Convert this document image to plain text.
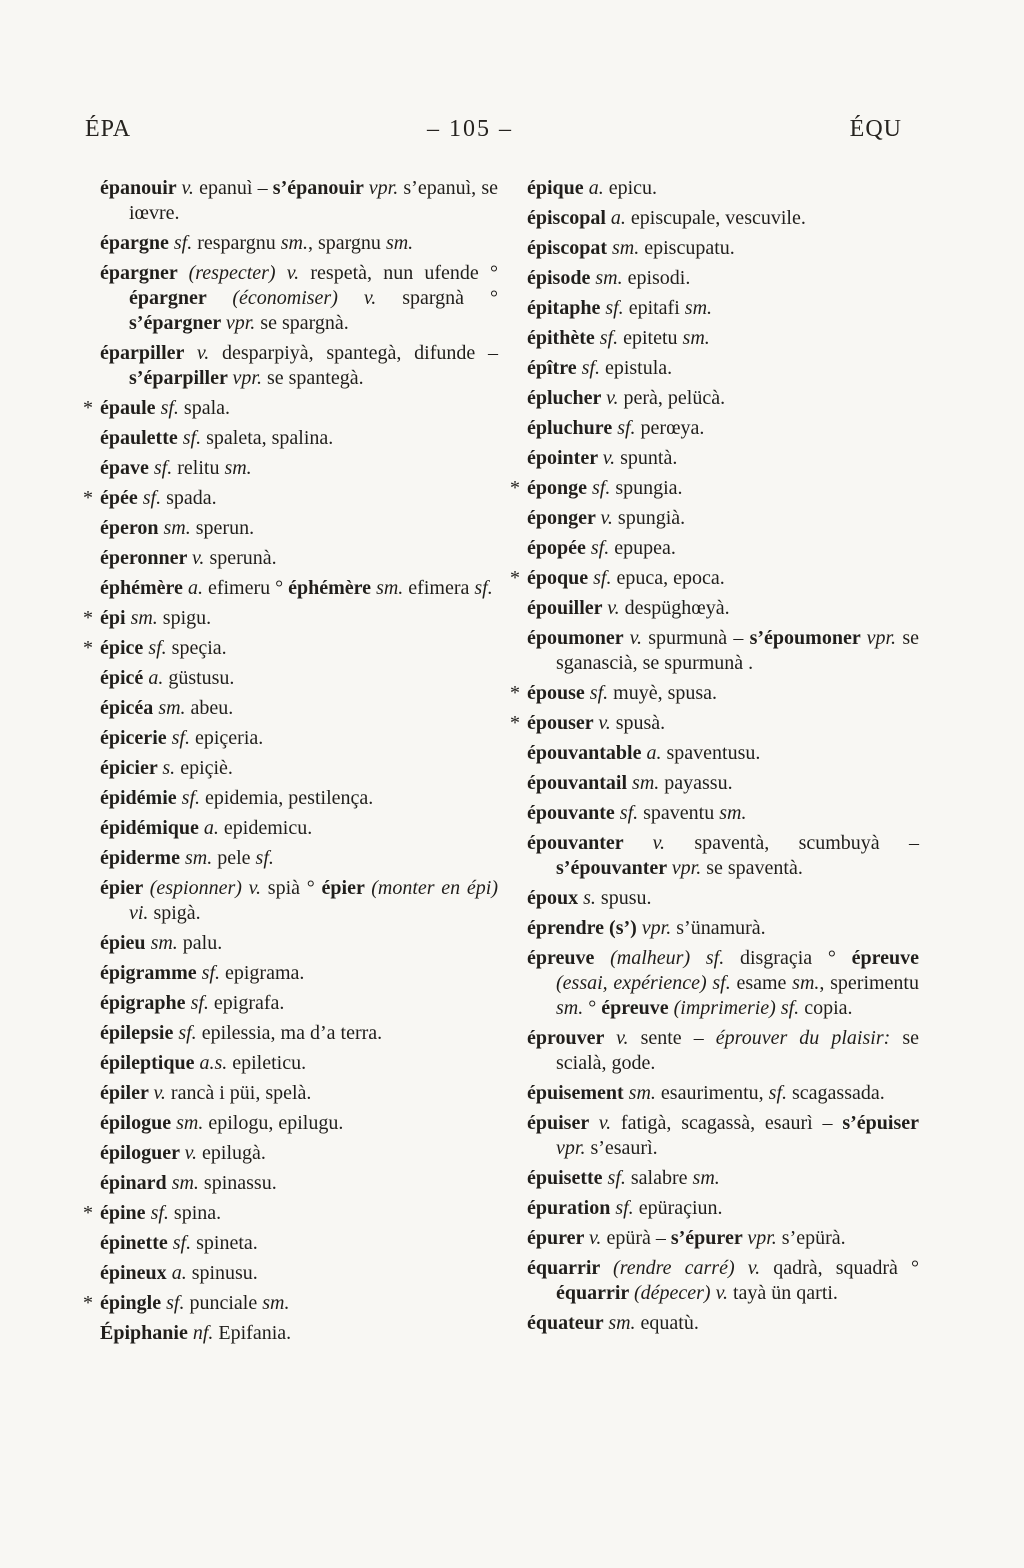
ÉPA	– 105 –	ÉQU

épanouir v. epanuì – s’épanouir vpr. s’epanuì, se iœvre.

épargne sf. respargnu sm., spargnu sm.

épargner (respecter) v. respetà, nun ufende ° épargner (économiser) v. spargnà ° s’épargner vpr. se spargnà.

éparpiller v. desparpiyà, spantegà, difunde – s’éparpiller vpr. se spantegà.

* épaule sf. spala.

épaulette sf. spaleta, spalina.

épave sf. relitu sm.

* épée sf. spada.

éperon sm. sperun.

éperonner v. sperunà.

éphémère a. efimeru ° éphémère sm. efimera sf.

* épi sm. spigu.

* épice sf. speçia.

épicé a. güstusu.

épicéa sm. abeu.

épicerie sf. epiçeria.

épicier s. epiçiè.

épidémie sf. epidemia, pestilença.

épidémique a. epidemicu.

épiderme sm. pele sf.

épier (espionner) v. spià ° épier (monter en épi) vi. spigà.

épieu sm. palu.

épigramme sf. epigrama.

épigraphe sf. epigrafa.

épilepsie sf. epilessia, ma d’a terra.

épileptique a.s. epileticu.

épiler v. rancà i püi, spelà.

épilogue sm. epilogu, epilugu.

épiloguer v. epilugà.

épinard sm. spinassu.

* épine sf. spina.

épinette sf. spineta.

épineux a. spinusu.

* épingle sf. punciale sm.

Épiphanie nf. Epifania.

épique a. epicu.

épiscopal a. episcupale, vescuvile.

épiscopat sm. episcupatu.

épisode sm. episodi.

épitaphe sf. epitafi sm.

épithète sf. epitetu sm.

épître sf. epistula.

éplucher v. perà, pelücà.

épluchure sf. perœya.

épointer v. spuntà.

* éponge sf. spungia.

éponger v. spungià.

épopée sf. epupea.

* époque sf. epuca, epoca.

épouiller v. despüghœyà.

époumoner v. spurmunà – s’époumoner vpr. se sganascià, se spurmunà .

* épouse sf. muyè, spusa.

* épouser v. spusà.

épouvantable a. spaventusu.

épouvantail sm. payassu.

épouvante sf. spaventu sm.

épouvanter v. spaventà, scumbuyà – s’épouvanter vpr. se spaventà.

époux s. spusu.

éprendre (s’) vpr. s’ünamurà.

épreuve (malheur) sf. disgraçia ° épreuve (essai, expérience) sf. esame sm., sperimentu sm. ° épreuve (imprimerie) sf. copia.

éprouver v. sente – éprouver du plaisir: se scialà, gode.

épuisement sm. esaurimentu, sf. scagassada.

épuiser v. fatigà, scagassà, esaurì – s’épuiser vpr. s’esaurì.

épuisette sf. salabre sm.

épuration sf. epüraçiun.

épurer v. epürà – s’épurer vpr. s’epürà.

équarrir (rendre carré) v. qadrà, squadrà ° équarrir (dépecer) v. tayà ün qarti.

équateur sm. equatù.
